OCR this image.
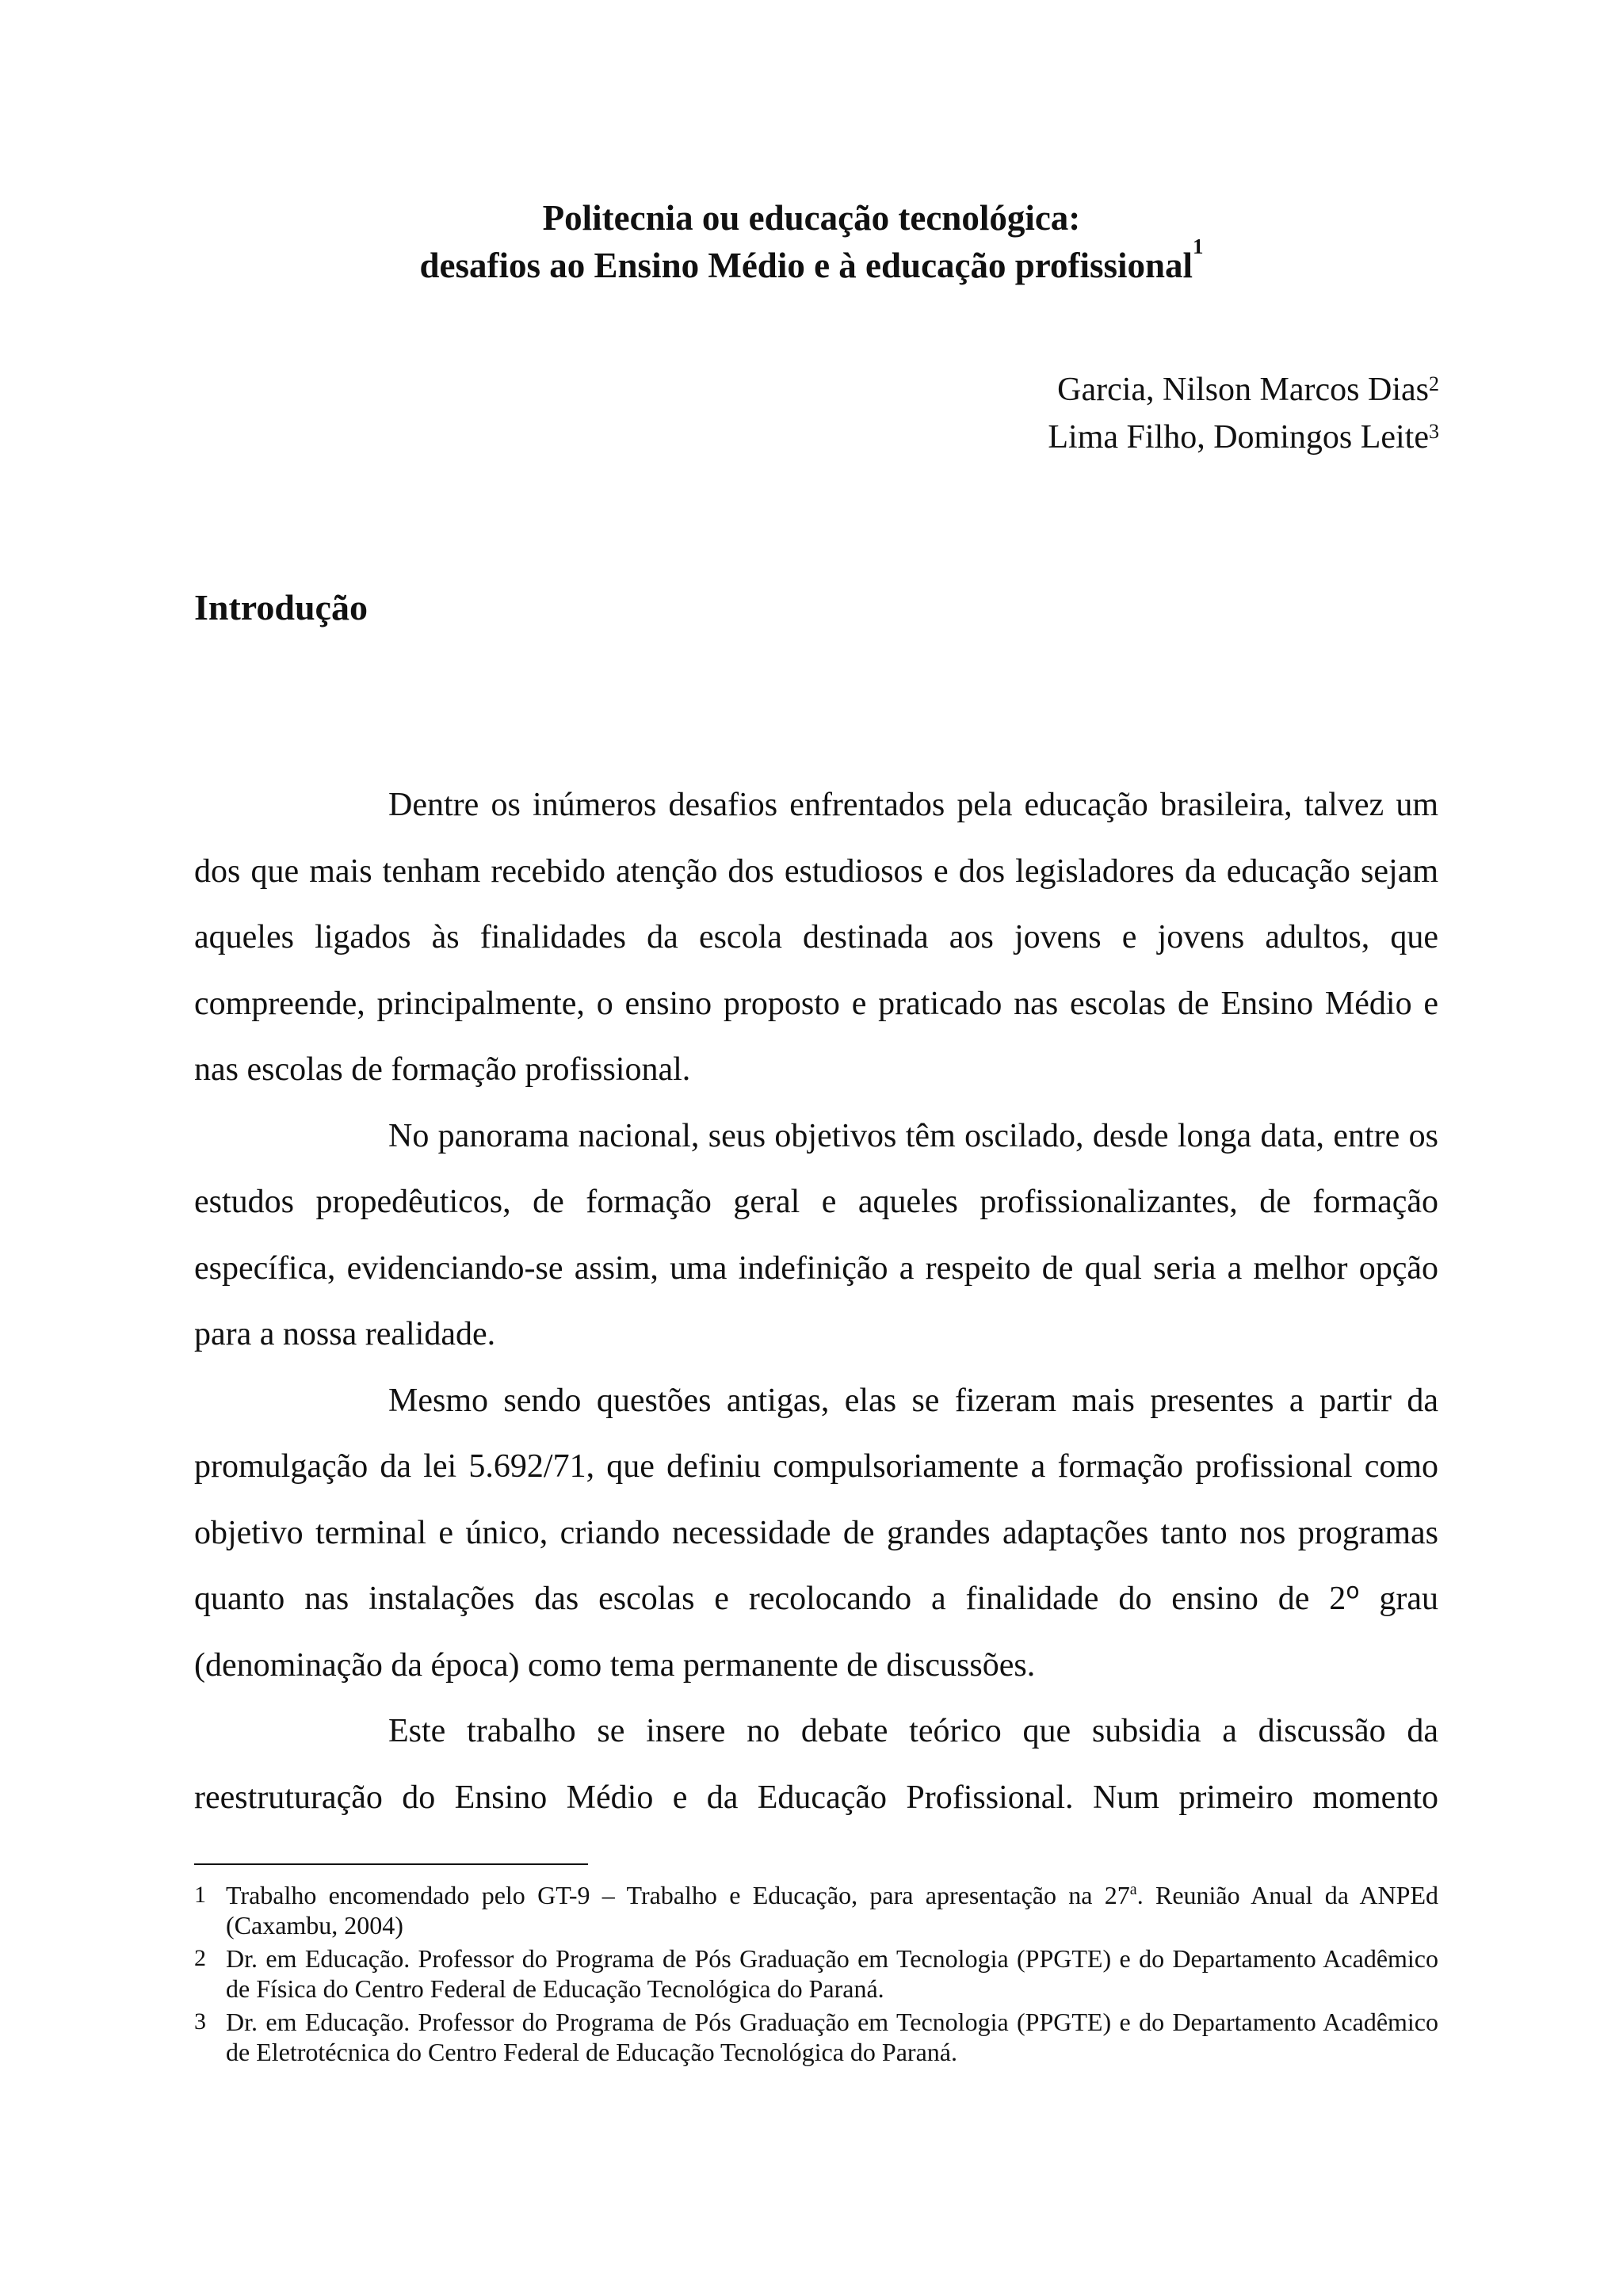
Politecnia ou educação tecnológica:
desafios ao Ensino Médio e à educação profissional$^1$
Garcia, Nilson Marcos Dias$^2$
Lima Filho, Domingos Leite$^3$
Introdução

Dentre os inúmeros desafios enfrentados pela educação brasileira, talvez um dos que mais tenham recebido atenção dos estudiosos e dos legisladores da educação sejam aqueles ligados às finalidades da escola destinada aos jovens e jovens adultos, que compreende, principalmente, o ensino proposto e praticado nas escolas de Ensino Médio e nas escolas de formação profissional.

No panorama nacional, seus objetivos têm oscilado, desde longa data, entre os estudos propedêuticos, de formação geral e aqueles profissionalizantes, de formação específica, evidenciando-se assim, uma indefinição a respeito de qual seria a melhor opção para a nossa realidade.

Mesmo sendo questões antigas, elas se fizeram mais presentes a partir da promulgação da lei 5.692/71, que definiu compulsoriamente a formação profissional como objetivo terminal e único, criando necessidade de grandes adaptações tanto nos programas quanto nas instalações das escolas e recolocando a finalidade do ensino de 2$^o$ grau (denominação da época) como tema permanente de discussões.

Este trabalho se insere no debate teórico que subsidia a discussão da reestruturação do Ensino Médio e da Educação Profissional. Num primeiro momento

1 Trabalho encomendado pelo GT-9 – Trabalho e Educação, para apresentação na 27$^a$. Reunião Anual da ANPEd (Caxambu, 2004)
2 Dr. em Educação. Professor do Programa de Pós Graduação em Tecnologia (PPGTE) e do Departamento Acadêmico de Física do Centro Federal de Educação Tecnológica do Paraná.
3 Dr. em Educação. Professor do Programa de Pós Graduação em Tecnologia (PPGTE) e do Departamento Acadêmico de Eletrotécnica do Centro Federal de Educação Tecnológica do Paraná.
